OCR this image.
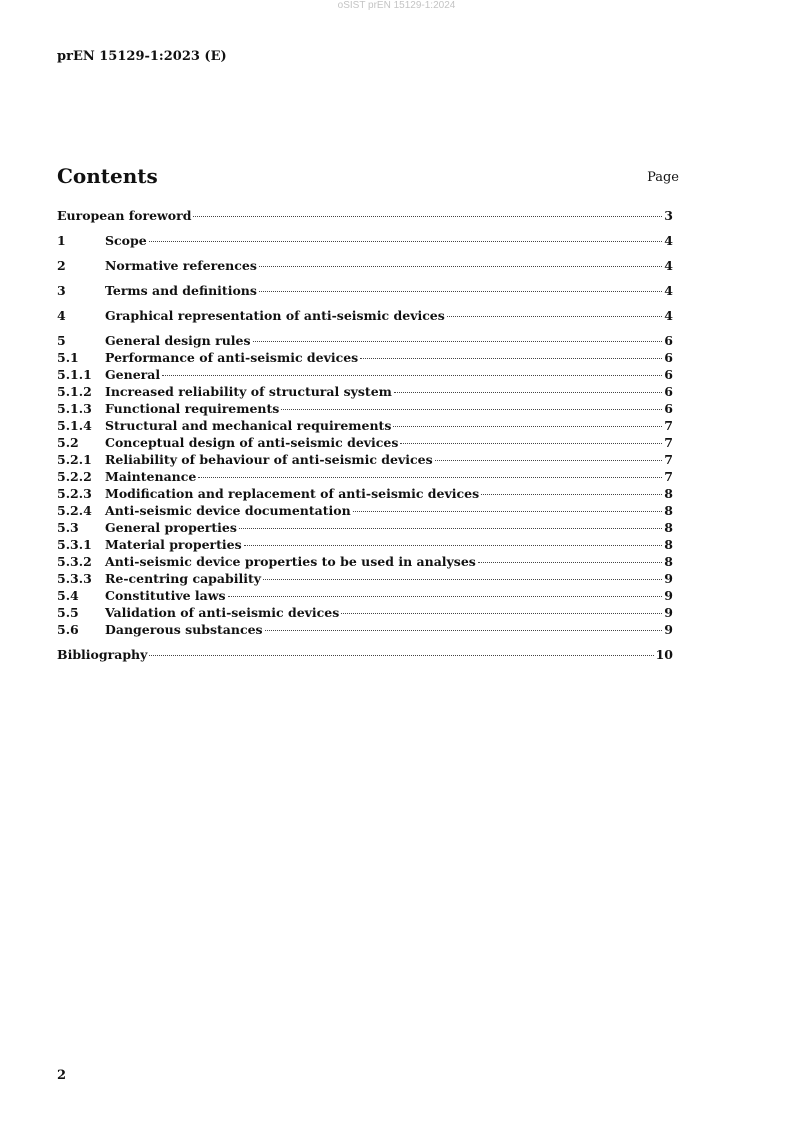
oSIST prEN 15129-1:2024
prEN 15129-1:2023 (E)
Contents	Page
European foreword	3
1	Scope	4
2	Normative references	4
3	Terms and definitions	4
4	Graphical representation of anti-seismic devices	4
5	General design rules	6
5.1	Performance of anti-seismic devices	6
5.1.1	General	6
5.1.2	Increased reliability of structural system	6
5.1.3	Functional requirements	6
5.1.4	Structural and mechanical requirements	7
5.2	Conceptual design of anti-seismic devices	7
5.2.1	Reliability of behaviour of anti-seismic devices	7
5.2.2	Maintenance	7
5.2.3	Modification and replacement of anti-seismic devices	8
5.2.4	Anti-seismic device documentation	8
5.3	General properties	8
5.3.1	Material properties	8
5.3.2	Anti-seismic device properties to be used in analyses	8
5.3.3	Re-centring capability	9
5.4	Constitutive laws	9
5.5	Validation of anti-seismic devices	9
5.6	Dangerous substances	9
Bibliography	10
2
